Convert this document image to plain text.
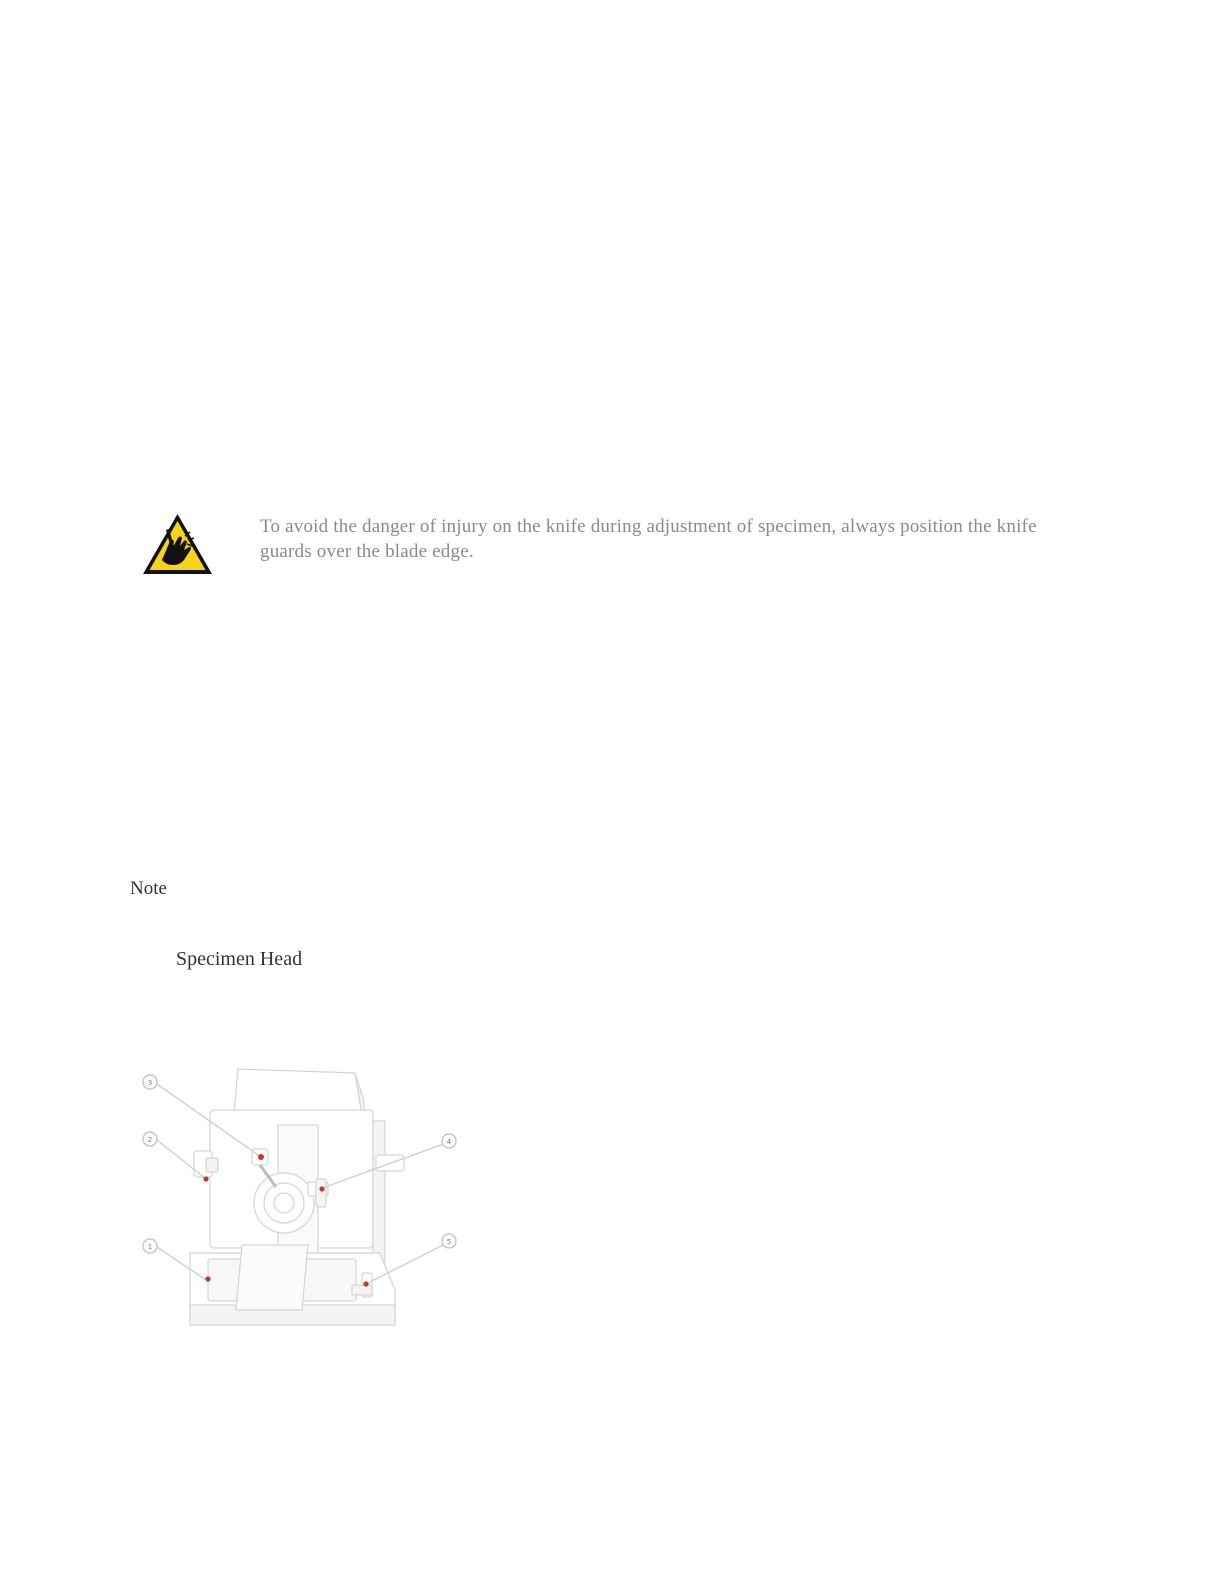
To avoid the danger of injury on the knife during adjustment of specimen, always position the knife
guards over the blade edge.
Note
Specimen Head
3
2
1
4
5
